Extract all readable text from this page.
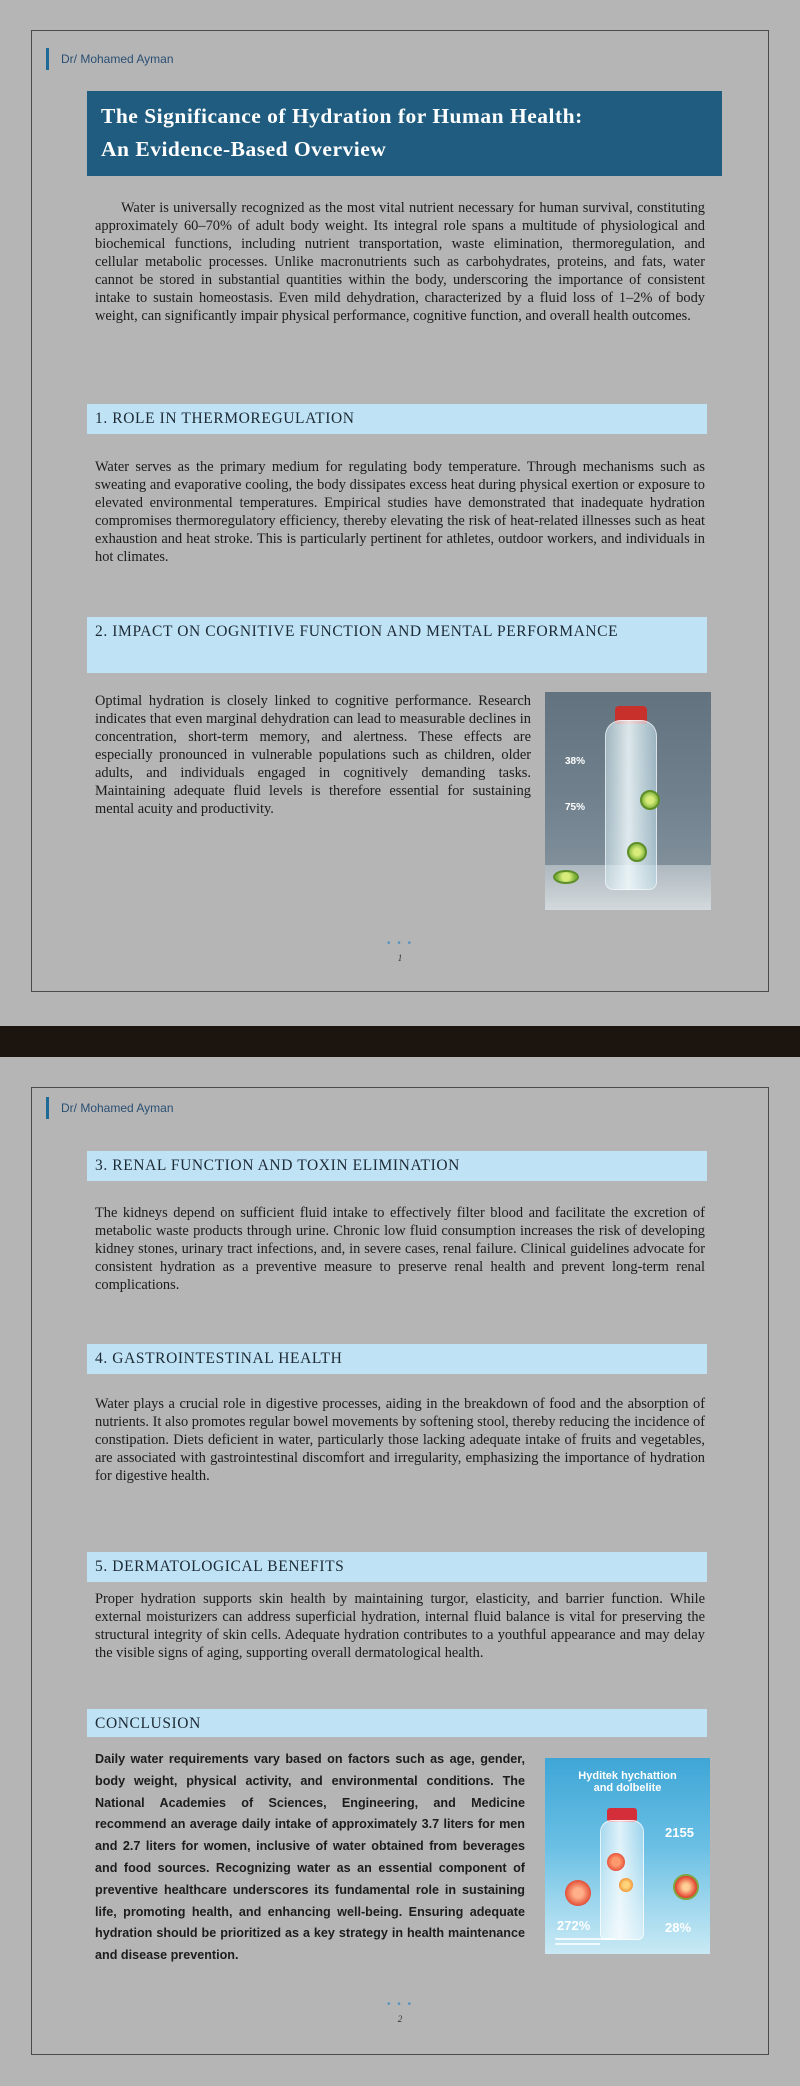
Dr/ Mohamed Ayman
The Significance of Hydration for Human Health:
An Evidence-Based Overview

Water is universally recognized as the most vital nutrient necessary for human survival, constituting approximately 60–70% of adult body weight. Its integral role spans a multitude of physiological and biochemical functions, including nutrient transportation, waste elimination, thermoregulation, and cellular metabolic processes. Unlike macronutrients such as carbohydrates, proteins, and fats, water cannot be stored in substantial quantities within the body, underscoring the importance of consistent intake to sustain homeostasis. Even mild dehydration, characterized by a fluid loss of 1–2% of body weight, can significantly impair physical performance, cognitive function, and overall health outcomes.

1. ROLE IN THERMOREGULATION

Water serves as the primary medium for regulating body temperature. Through mechanisms such as sweating and evaporative cooling, the body dissipates excess heat during physical exertion or exposure to elevated environmental temperatures. Empirical studies have demonstrated that inadequate hydration compromises thermoregulatory efficiency, thereby elevating the risk of heat-related illnesses such as heat exhaustion and heat stroke. This is particularly pertinent for athletes, outdoor workers, and individuals in hot climates.

2. IMPACT ON COGNITIVE FUNCTION AND MENTAL PERFORMANCE

Optimal hydration is closely linked to cognitive performance. Research indicates that even marginal dehydration can lead to measurable declines in concentration, short-term memory, and alertness. These effects are especially pronounced in vulnerable populations such as children, older adults, and individuals engaged in cognitively demanding tasks. Maintaining adequate fluid levels is therefore essential for sustaining mental acuity and productivity.

38%

75%

• • •
1
Dr/ Mohamed Ayman
3. RENAL FUNCTION AND TOXIN ELIMINATION

The kidneys depend on sufficient fluid intake to effectively filter blood and facilitate the excretion of metabolic waste products through urine. Chronic low fluid consumption increases the risk of developing kidney stones, urinary tract infections, and, in severe cases, renal failure. Clinical guidelines advocate for consistent hydration as a preventive measure to preserve renal health and prevent long-term renal complications.

4. GASTROINTESTINAL HEALTH

Water plays a crucial role in digestive processes, aiding in the breakdown of food and the absorption of nutrients. It also promotes regular bowel movements by softening stool, thereby reducing the incidence of constipation. Diets deficient in water, particularly those lacking adequate intake of fruits and vegetables, are associated with gastrointestinal discomfort and irregularity, emphasizing the importance of hydration for digestive health.

5. DERMATOLOGICAL BENEFITS

Proper hydration supports skin health by maintaining turgor, elasticity, and barrier function. While external moisturizers can address superficial hydration, internal fluid balance is vital for preserving the structural integrity of skin cells. Adequate hydration contributes to a youthful appearance and may delay the visible signs of aging, supporting overall dermatological health.

CONCLUSION

Daily water requirements vary based on factors such as age, gender, body weight, physical activity, and environmental conditions. The National Academies of Sciences, Engineering, and Medicine recommend an average daily intake of approximately 3.7 liters for men and 2.7 liters for women, inclusive of water obtained from beverages and food sources. Recognizing water as an essential component of preventive healthcare underscores its fundamental role in sustaining life, promoting health, and enhancing well-being. Ensuring adequate hydration should be prioritized as a key strategy in health maintenance and disease prevention.

Hyditek hychattion
and dolbelite
2155
272%	28%
• • •
2
